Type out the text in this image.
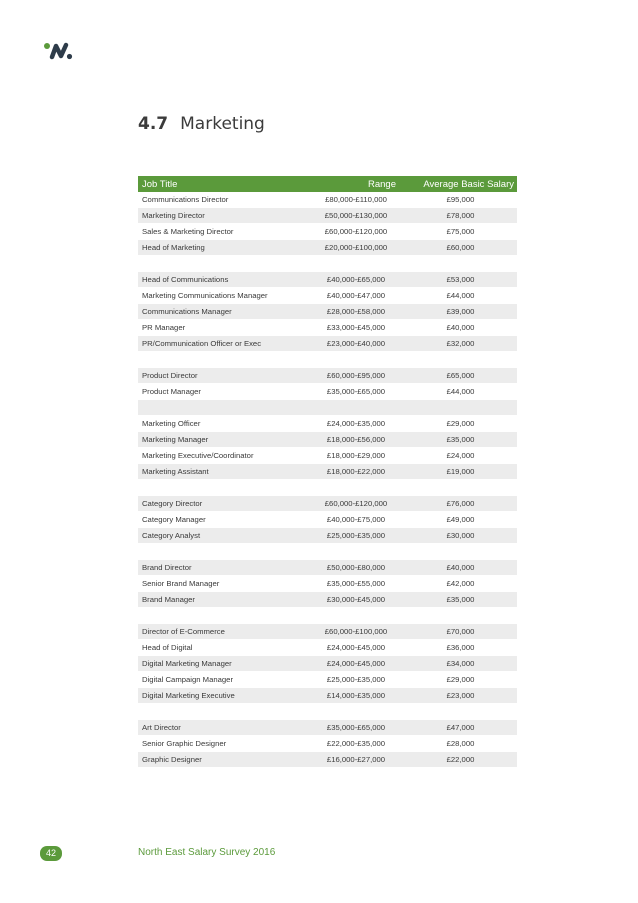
4.7 Marketing
Job Title	Range	Average Basic Salary
Communications Director	£80,000-£110,000	£95,000
Marketing Director	£50,000-£130,000	£78,000
Sales & Marketing Director	£60,000-£120,000	£75,000
Head of Marketing	£20,000-£100,000	£60,000

Head of Communications	£40,000-£65,000	£53,000
Marketing Communications Manager	£40,000-£47,000	£44,000
Communications Manager	£28,000-£58,000	£39,000
PR Manager	£33,000-£45,000	£40,000
PR/Communication Officer or Exec	£23,000-£40,000	£32,000

Product Director	£60,000-£95,000	£65,000
Product Manager	£35,000-£65,000	£44,000

Marketing Officer	£24,000-£35,000	£29,000
Marketing Manager	£18,000-£56,000	£35,000
Marketing Executive/Coordinator	£18,000-£29,000	£24,000
Marketing Assistant	£18,000-£22,000	£19,000

Category Director	£60,000-£120,000	£76,000
Category Manager	£40,000-£75,000	£49,000
Category Analyst	£25,000-£35,000	£30,000

Brand Director	£50,000-£80,000	£40,000
Senior Brand Manager	£35,000-£55,000	£42,000
Brand Manager	£30,000-£45,000	£35,000

Director of E-Commerce	£60,000-£100,000	£70,000
Head of Digital	£24,000-£45,000	£36,000
Digital Marketing Manager	£24,000-£45,000	£34,000
Digital Campaign Manager	£25,000-£35,000	£29,000
Digital Marketing Executive	£14,000-£35,000	£23,000

Art Director	£35,000-£65,000	£47,000
Senior Graphic Designer	£22,000-£35,000	£28,000
Graphic Designer	£16,000-£27,000	£22,000
42	North East Salary Survey 2016
